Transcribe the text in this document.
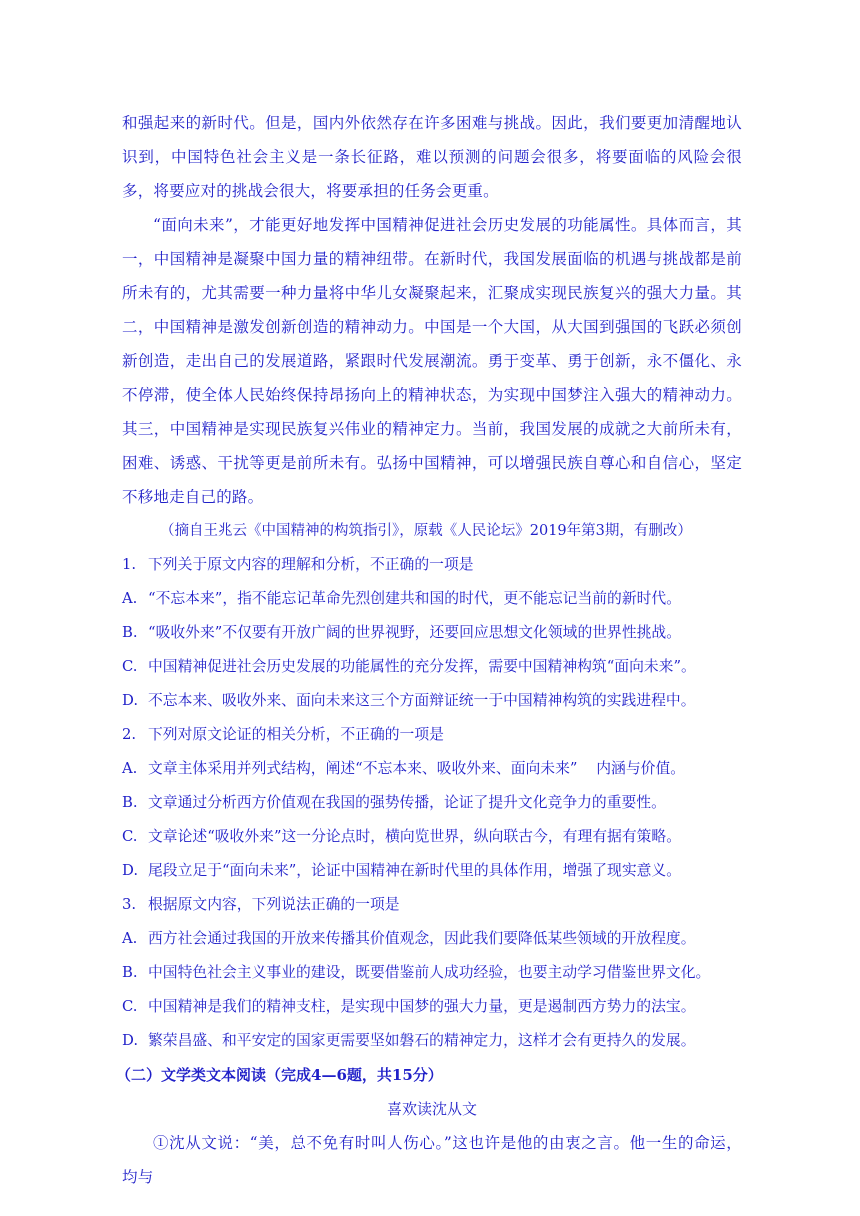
和强起来的新时代。但是，国内外依然存在许多困难与挑战。因此，我们要更加清醒地认识到，中国特色社会主义是一条长征路，难以预测的问题会很多，将要面临的风险会很多，将要应对的挑战会很大，将要承担的任务会更重。

“面向未来”，才能更好地发挥中国精神促进社会历史发展的功能属性。具体而言，其一，中国精神是凝聚中国力量的精神纽带。在新时代，我国发展面临的机遇与挑战都是前所未有的，尤其需要一种力量将中华儿女凝聚起来，汇聚成实现民族复兴的强大力量。其二，中国精神是激发创新创造的精神动力。中国是一个大国，从大国到强国的飞跃必须创新创造，走出自己的发展道路，紧跟时代发展潮流。勇于变革、勇于创新，永不僵化、永不停滞，使全体人民始终保持昂扬向上的精神状态，为实现中国梦注入强大的精神动力。其三，中国精神是实现民族复兴伟业的精神定力。当前，我国发展的成就之大前所未有，困难、诱惑、干扰等更是前所未有。弘扬中国精神，可以增强民族自尊心和自信心，坚定不移地走自己的路。

（摘自王兆云《中国精神的构筑指引》，原载《人民论坛》2019年第3期，有删改）

1. 下列关于原文内容的理解和分析，不正确的一项是

A. “不忘本来”，指不能忘记革命先烈创建共和国的时代，更不能忘记当前的新时代。

B. “吸收外来”不仅要有开放广阔的世界视野，还要回应思想文化领域的世界性挑战。

C. 中国精神促进社会历史发展的功能属性的充分发挥，需要中国精神构筑“面向未来”。

D. 不忘本来、吸收外来、面向未来这三个方面辩证统一于中国精神构筑的实践进程中。

2. 下列对原文论证的相关分析，不正确的一项是

A. 文章主体采用并列式结构，阐述“不忘本来、吸收外来、面向未来”    内涵与价值。

B. 文章通过分析西方价值观在我国的强势传播，论证了提升文化竞争力的重要性。

C. 文章论述“吸收外来”这一分论点时，横向览世界，纵向联古今，有理有据有策略。

D. 尾段立足于“面向未来”，论证中国精神在新时代里的具体作用，增强了现实意义。

3. 根据原文内容，下列说法正确的一项是

A. 西方社会通过我国的开放来传播其价值观念，因此我们要降低某些领域的开放程度。

B. 中国特色社会主义事业的建设，既要借鉴前人成功经验，也要主动学习借鉴世界文化。

C. 中国精神是我们的精神支柱，是实现中国梦的强大力量，更是遏制西方势力的法宝。

D. 繁荣昌盛、和平安定的国家更需要坚如磐石的精神定力，这样才会有更持久的发展。

（二）文学类文本阅读（完成4—6题，共15分）

喜欢读沈从文

①沈从文说：“美，总不免有时叫人伤心。”这也许是他的由衷之言。他一生的命运，均与
